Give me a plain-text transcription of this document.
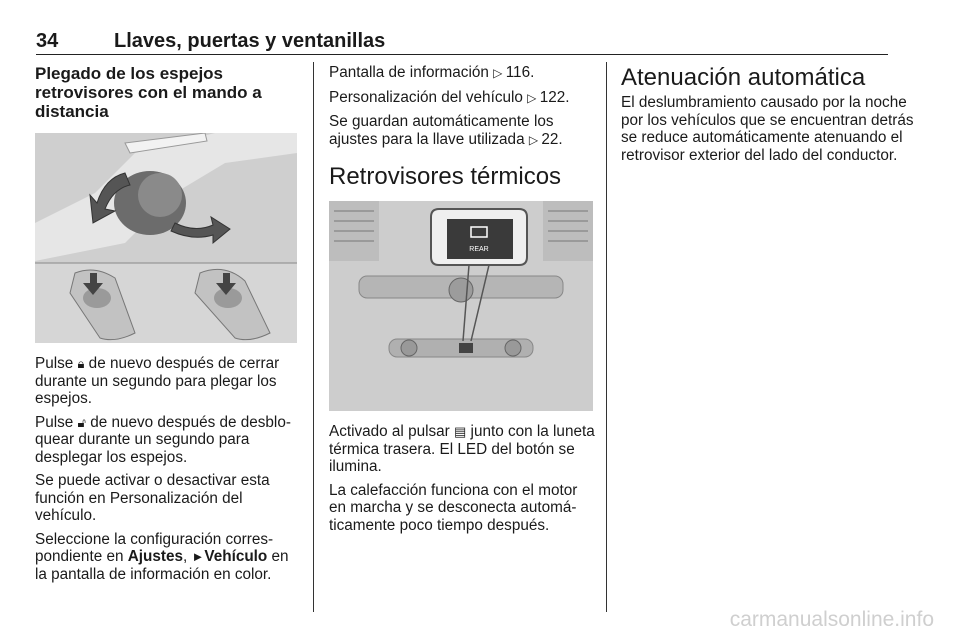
34	Llaves, puertas y ventanillas
Plegado de los espejos retrovisores con el mando a distancia

Pulse 🔒︎ de nuevo después de cerrar durante un segundo para plegar los espejos.

Pulse 🔓︎ de nuevo después de desbloquear durante un segundo para desplegar los espejos.

Se puede activar o desactivar esta función en Personalización del vehículo.

Seleccione la configuración correspondiente en Ajustes, ►Vehículo en la pantalla de información en color.

Pantalla de información ▷ 116.

Personalización del vehículo ▷ 122.

Se guardan automáticamente los ajustes para la llave utilizada ▷ 22.

Retrovisores térmicos
REAR

Activado al pulsar ▤ junto con la luneta térmica trasera. El LED del botón se ilumina.

La calefacción funciona con el motor en marcha y se desconecta automáticamente poco tiempo después.

Atenuación automática

El deslumbramiento causado por la noche por los vehículos que se encuentran detrás se reduce automáticamente atenuando el retrovisor exterior del lado del conductor.

carmanualsonline.info
